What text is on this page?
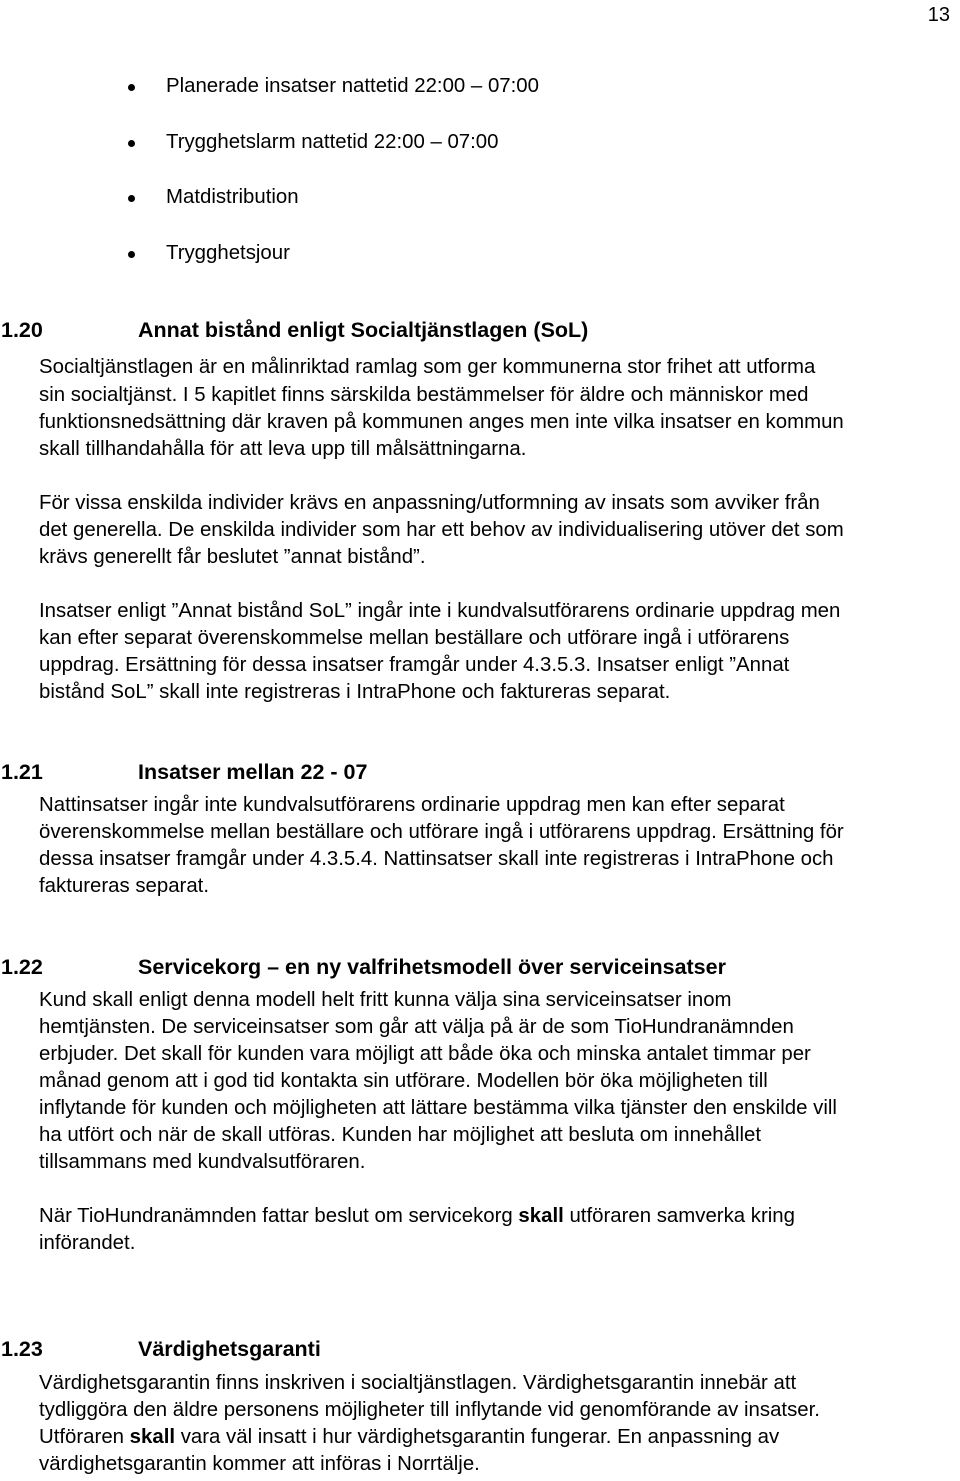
13
Planerade insatser nattetid 22:00 – 07:00
Trygghetslarm nattetid 22:00 – 07:00
Matdistribution
Trygghetsjour
1.20	Annat bistånd enligt Socialtjänstlagen (SoL)
Socialtjänstlagen är en målinriktad ramlag som ger kommunerna stor frihet att utforma
sin socialtjänst. I 5 kapitlet finns särskilda bestämmelser för äldre och människor med
funktionsnedsättning där kraven på kommunen anges men inte vilka insatser en kommun
skall tillhandahålla för att leva upp till målsättningarna.
För vissa enskilda individer krävs en anpassning/utformning av insats som avviker från
det generella. De enskilda individer som har ett behov av individualisering utöver det som
krävs generellt får beslutet ”annat bistånd”.
Insatser enligt ”Annat bistånd SoL” ingår inte i kundvalsutförarens ordinarie uppdrag men
kan efter separat överenskommelse mellan beställare och utförare ingå i utförarens
uppdrag. Ersättning för dessa insatser framgår under 4.3.5.3. Insatser enligt ”Annat
bistånd SoL” skall inte registreras i IntraPhone och faktureras separat.
1.21	Insatser mellan 22 - 07
Nattinsatser ingår inte kundvalsutförarens ordinarie uppdrag men kan efter separat
överenskommelse mellan beställare och utförare ingå i utförarens uppdrag. Ersättning för
dessa insatser framgår under 4.3.5.4. Nattinsatser skall inte registreras i IntraPhone och
faktureras separat.
1.22	Servicekorg – en ny valfrihetsmodell över serviceinsatser
Kund skall enligt denna modell helt fritt kunna välja sina serviceinsatser inom
hemtjänsten. De serviceinsatser som går att välja på är de som TioHundranämnden
erbjuder. Det skall för kunden vara möjligt att både öka och minska antalet timmar per
månad genom att i god tid kontakta sin utförare. Modellen bör öka möjligheten till
inflytande för kunden och möjligheten att lättare bestämma vilka tjänster den enskilde vill
ha utfört och när de skall utföras. Kunden har möjlighet att besluta om innehållet
tillsammans med kundvalsutföraren.
När TioHundranämnden fattar beslut om servicekorg skall utföraren samverka kring
införandet.
1.23	Värdighetsgaranti
Värdighetsgarantin finns inskriven i socialtjänstlagen. Värdighetsgarantin innebär att
tydliggöra den äldre personens möjligheter till inflytande vid genomförande av insatser.
Utföraren skall vara väl insatt i hur värdighetsgarantin fungerar. En anpassning av
värdighetsgarantin kommer att införas i Norrtälje.
